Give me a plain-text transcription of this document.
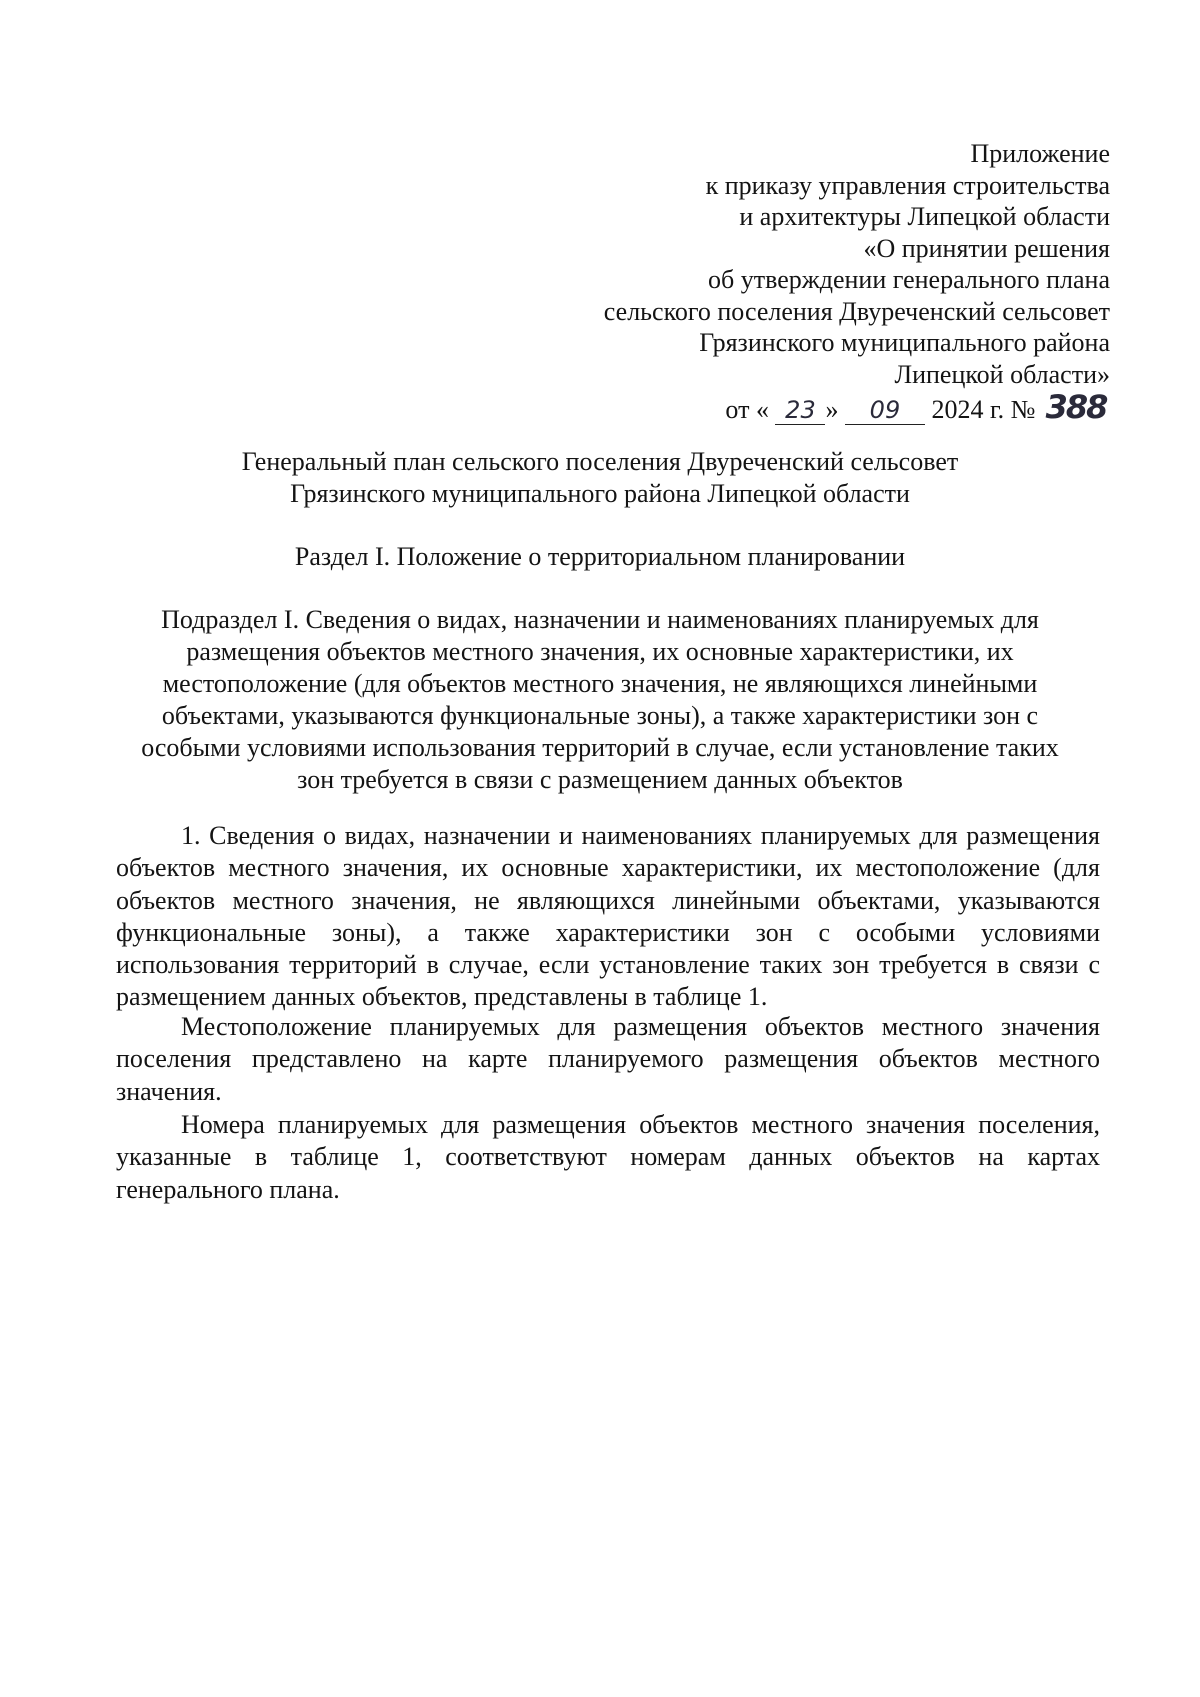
Приложение
к приказу управления строительства
и архитектуры Липецкой области
«О принятии решения
об утверждении генерального плана
сельского поселения Двуреченский сельсовет
Грязинского муниципального района
Липецкой области»
от « 23 » 09 2024 г. № 388
Генеральный план сельского поселения Двуреченский сельсовет
Грязинского муниципального района Липецкой области
Раздел I. Положение о территориальном планировании
Подраздел I. Сведения о видах, назначении и наименованиях планируемых для
размещения объектов местного значения, их основные характеристики, их
местоположение (для объектов местного значения, не являющихся линейными
объектами, указываются функциональные зоны), а также характеристики зон с
особыми условиями использования территорий в случае, если установление таких
зон требуется в связи с размещением данных объектов

1. Сведения о видах, назначении и наименованиях планируемых для размещения объектов местного значения, их основные характеристики, их местоположение (для объектов местного значения, не являющихся линейными объектами, указываются функциональные зоны), а также характеристики зон с особыми условиями использования территорий в случае, если установление таких зон требуется в связи с размещением данных объектов, представлены в таблице 1.

Местоположение планируемых для размещения объектов местного значения поселения представлено на карте планируемого размещения объектов местного значения.

Номера планируемых для размещения объектов местного значения поселения, указанные в таблице 1, соответствуют номерам данных объектов на картах генерального плана.
